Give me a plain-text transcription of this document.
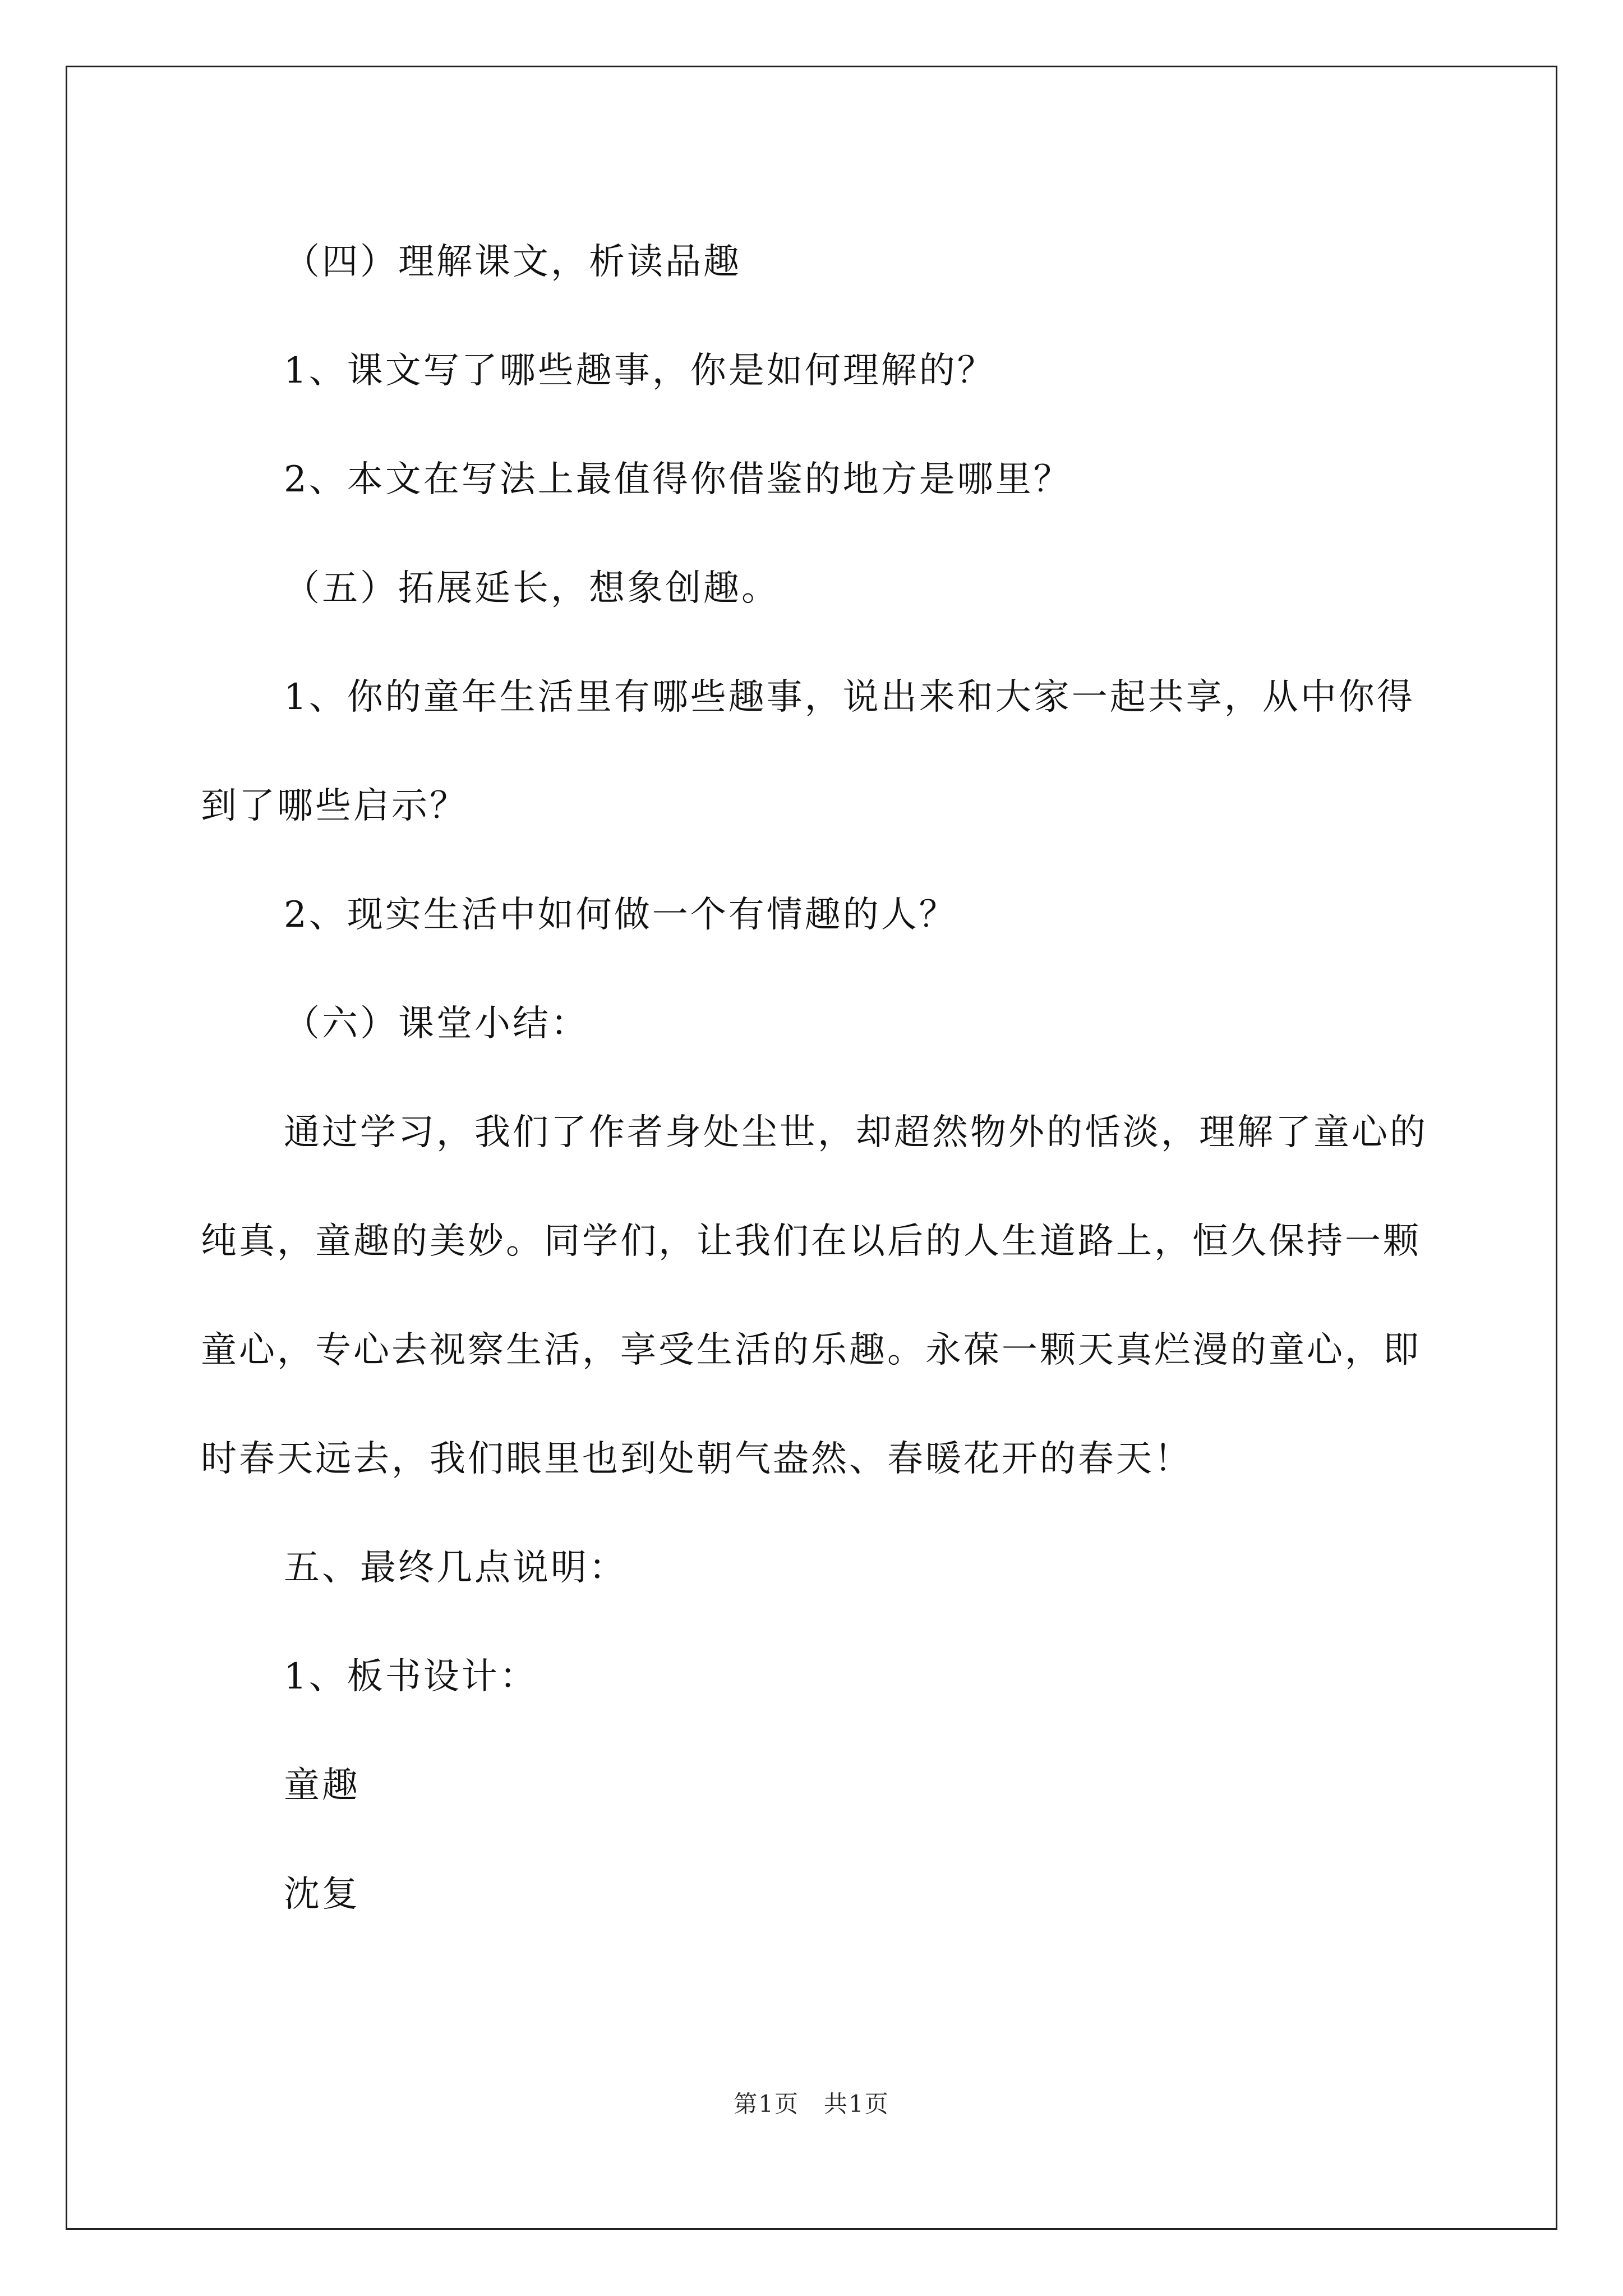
（四）理解课文，析读品趣

1、课文写了哪些趣事，你是如何理解的？

2、本文在写法上最值得你借鉴的地方是哪里？

（五）拓展延长，想象创趣。

1、你的童年生活里有哪些趣事，说出来和大家一起共享，从中你得到了哪些启示？

2、现实生活中如何做一个有情趣的人？

（六）课堂小结：

通过学习，我们了作者身处尘世，却超然物外的恬淡，理解了童心的纯真，童趣的美妙。同学们，让我们在以后的人生道路上，恒久保持一颗童心，专心去视察生活，享受生活的乐趣。永葆一颗天真烂漫的童心，即时春天远去，我们眼里也到处朝气盎然、春暖花开的春天！

五、最终几点说明：

1、板书设计：

童趣

沈复

第1页　共1页
